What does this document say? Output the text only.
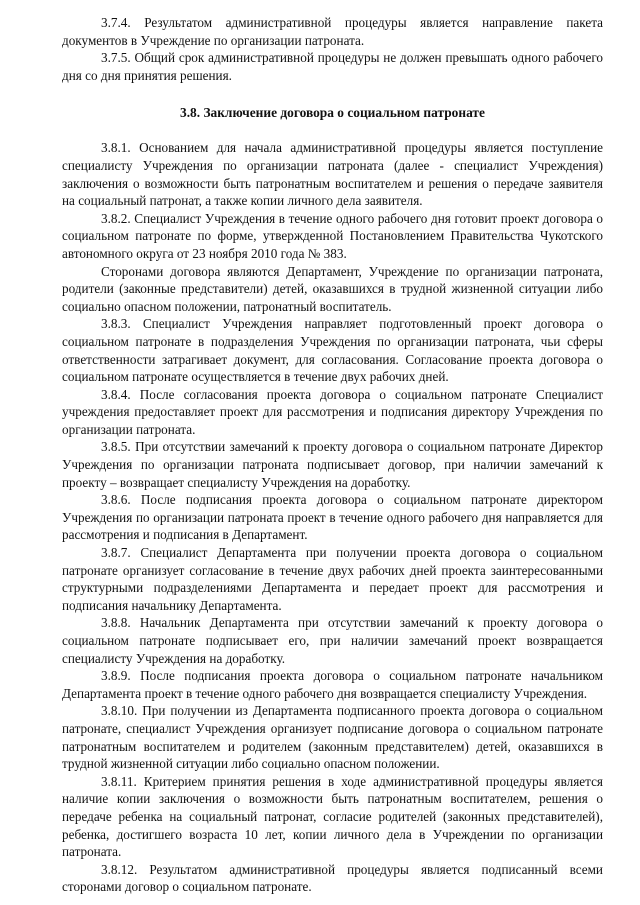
3.7.4. Результатом административной процедуры является направление пакета документов в Учреждение по организации патроната.

3.7.5. Общий срок административной процедуры не должен превышать одного рабочего дня со дня принятия решения.

3.8. Заключение договора о социальном патронате

3.8.1. Основанием для начала административной процедуры является поступление специалисту Учреждения по организации патроната (далее - специалист Учреждения) заключения о возможности быть патронатным воспитателем и решения о передаче заявителя на социальный патронат, а также копии личного дела заявителя.

3.8.2. Специалист Учреждения в течение одного рабочего дня готовит проект договора о социальном патронате по форме, утвержденной Постановлением Правительства Чукотского автономного округа от 23 ноября 2010 года № 383.

Сторонами договора являются Департамент, Учреждение по организации патроната, родители (законные представители) детей, оказавшихся в трудной жизненной ситуации либо социально опасном положении, патронатный воспитатель.

3.8.3. Специалист Учреждения направляет подготовленный проект договора о социальном патронате в подразделения Учреждения по организации патроната, чьи сферы ответственности затрагивает документ, для согласования. Согласование проекта договора о социальном патронате осуществляется в течение двух рабочих дней.

3.8.4. После согласования проекта договора о социальном патронате Специалист учреждения предоставляет проект для рассмотрения и подписания директору Учреждения по организации патроната.

3.8.5. При отсутствии замечаний к проекту договора о социальном патронате Директор Учреждения по организации патроната подписывает договор, при наличии замечаний к проекту – возвращает специалисту Учреждения на доработку.

3.8.6. После подписания проекта договора о социальном патронате директором Учреждения по организации патроната проект в течение одного рабочего дня направляется для рассмотрения и подписания в Департамент.

3.8.7. Специалист Департамента при получении проекта договора о социальном патронате организует согласование в течение двух рабочих дней проекта заинтересованными структурными подразделениями Департамента и передает проект для рассмотрения и подписания начальнику Департамента.

3.8.8. Начальник Департамента при отсутствии замечаний к проекту договора о социальном патронате подписывает его, при наличии замечаний проект возвращается специалисту Учреждения на доработку.

3.8.9. После подписания проекта договора о социальном патронате начальником Департамента проект в течение одного рабочего дня возвращается специалисту Учреждения.

3.8.10. При получении из Департамента подписанного проекта договора о социальном патронате, специалист Учреждения организует подписание договора о социальном патронате патронатным воспитателем и родителем (законным представителем) детей, оказавшихся в трудной жизненной ситуации либо социально опасном положении.

3.8.11. Критерием принятия решения в ходе административной процедуры является наличие копии заключения о возможности быть патронатным воспитателем, решения о передаче ребенка на социальный патронат, согласие родителей (законных представителей), ребенка, достигшего возраста 10 лет, копии личного дела в Учреждении по организации патроната.

3.8.12. Результатом административной процедуры является подписанный всеми сторонами договор о социальном патронате.
